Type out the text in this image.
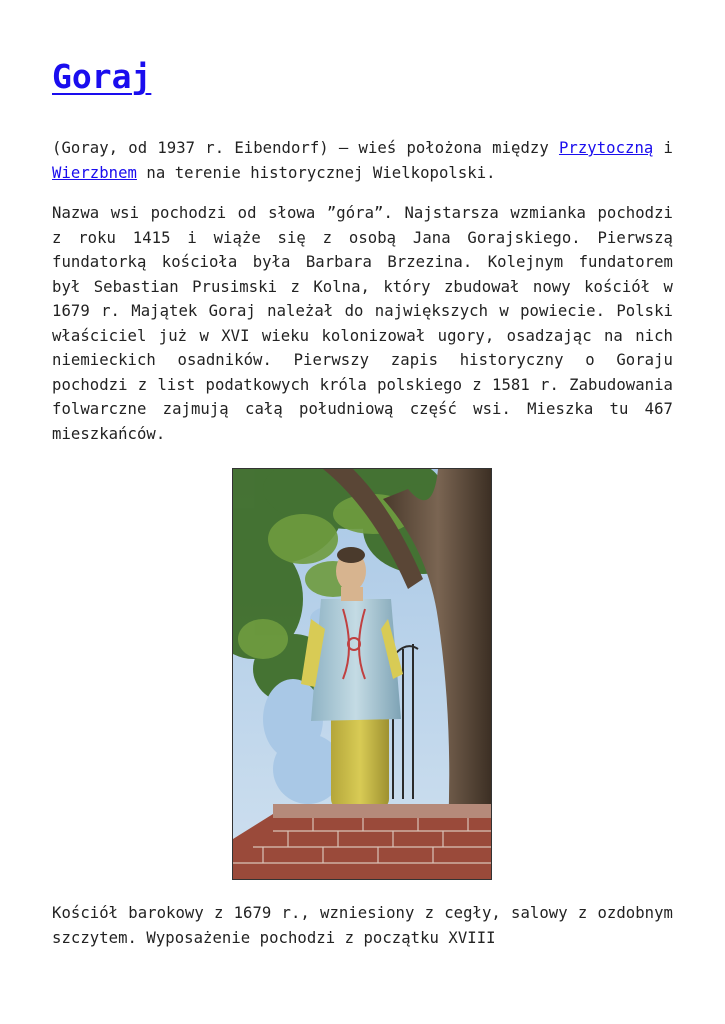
Goraj

(Goray, od 1937 r. Eibendorf) – wieś położona między Przytoczną i Wierzbnem na terenie historycznej Wielkopolski.

Nazwa wsi pochodzi od słowa ”góra”. Najstarsza wzmianka pochodzi z roku 1415 i wiąże się z osobą Jana Gorajskiego. Pierwszą fundatorką kościoła była Barbara Brzezina. Kolejnym fundatorem był Sebastian Prusimski z Kolna, który zbudował nowy kościół w 1679 r. Majątek Goraj należał do największych w powiecie. Polski właściciel już w XVI wieku kolonizował ugory, osadzając na nich niemieckich osadników. Pierwszy zapis historyczny o Goraju pochodzi z list podatkowych króla polskiego z 1581 r. Zabudowania folwarczne zajmują całą południową część wsi. Mieszka tu 467 mieszkańców.

Kościół barokowy z 1679 r., wzniesiony z cegły, salowy z ozdobnym szczytem. Wyposażenie pochodzi z początku XVIII
